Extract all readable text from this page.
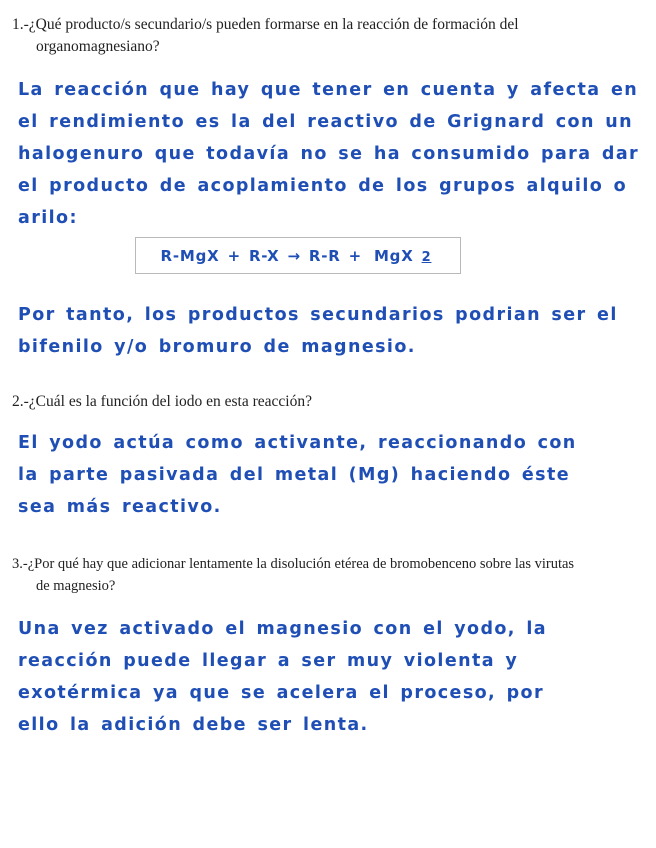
1.-¿Qué producto/s secundario/s pueden formarse en la reacción de formación del
organomagnesiano?
La reacción que hay que tener en cuenta y afecta en
el rendimiento es la del reactivo de Grignard con un
halogenuro que todavía no se ha consumido para dar
el producto de acoplamiento de los grupos alquilo o
arilo:
R-MgX + R-X → R-R + MgX 2
Por tanto, los productos secundarios podrian ser el
bifenilo y/o bromuro de magnesio.
2.-¿Cuál es la función del iodo en esta reacción?
El yodo actúa como activante, reaccionando con
la parte pasivada del metal (Mg) haciendo éste
sea más reactivo.
3.-¿Por qué hay que adicionar lentamente la disolución etérea de bromobenceno sobre las virutas
de magnesio?
Una vez activado el magnesio con el yodo, la
reacción puede llegar a ser muy violenta y
exotérmica ya que se acelera el proceso, por
ello la adición debe ser lenta.
